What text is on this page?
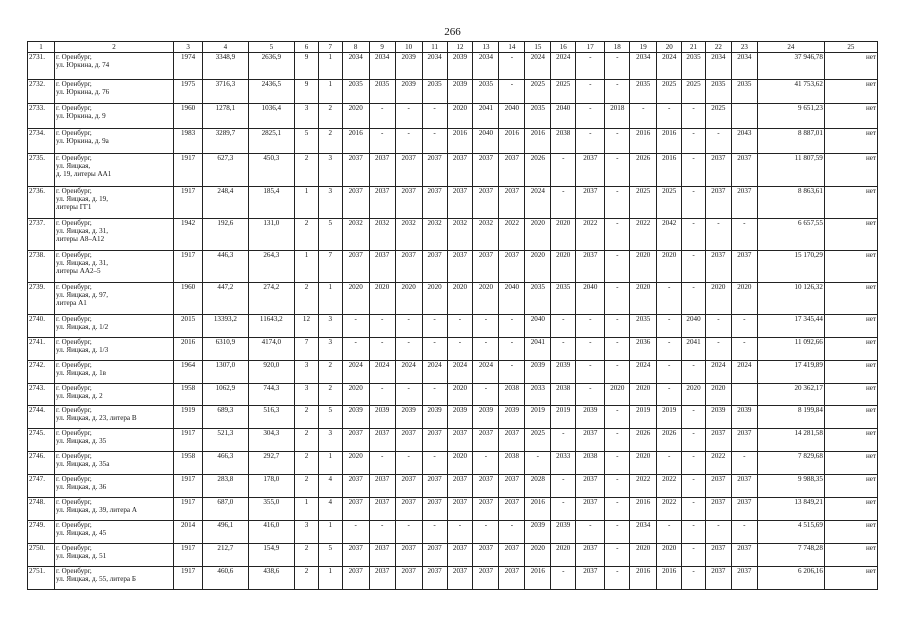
266
1	2	3	4	5	6	7	8	9	10	11	12	13	14	15	16	17	18	19	20	21	22	23	24	25
2731.	г. Оренбург,
ул. Юркина, д. 74	1974	3348,9	2636,9	9	1	2034	2034	2039	2034	2039	2034	-	2024	2024	-	-	2034	2024	2035	2034	2034	37 946,78	нет
2732.	г. Оренбург,
ул. Юркина, д. 76	1975	3716,3	2436,5	9	1	2035	2035	2039	2035	2039	2035	-	2025	2025	-	-	2035	2025	2025	2035	2035	41 753,62	нет
2733.	г. Оренбург,
ул. Юркина, д. 9	1960	1278,1	1036,4	3	2	2020	-	-	-	2020	2041	2040	2035	2040	-	2018	-	-	-	2025		9 651,23	нет
2734.	г. Оренбург,
ул. Юркина, д. 9а	1983	3289,7	2825,1	5	2	2016	-	-	-	2016	2040	2016	2016	2038	-	-	2016	2016	-	-	2043	8 887,01	нет
2735.	г. Оренбург,
ул. Яицкая,
д. 19, литеры АА1	1917	627,3	450,3	2	3	2037	2037	2037	2037	2037	2037	2037	2026	-	2037	-	2026	2016	-	2037	2037	11 807,59	нет
2736.	г. Оренбург,
ул. Яицкая, д. 19,
литеры ГГ1	1917	248,4	185,4	1	3	2037	2037	2037	2037	2037	2037	2037	2024	-	2037	-	2025	2025	-	2037	2037	8 863,61	нет
2737.	г. Оренбург,
ул. Яицкая, д. 31,
литеры А8–А12	1942	192,6	131,0	2	5	2032	2032	2032	2032	2032	2032	2022	2020	2020	2022	-	2022	2042	-	-	-	6 657,55	нет
2738.	г. Оренбург,
ул. Яицкая, д. 31,
литеры АА2–5	1917	446,3	264,3	1	7	2037	2037	2037	2037	2037	2037	2037	2020	2020	2037	-	2020	2020	-	2037	2037	15 170,29	нет
2739.	г. Оренбург,
ул. Яицкая, д. 97,
литера А1	1960	447,2	274,2	2	1	2020	2020	2020	2020	2020	2020	2040	2035	2035	2040	-	2020	-	-	2020	2020	10 126,32	нет
2740.	г. Оренбург,
ул. Яицкая, д. 1/2	2015	13393,2	11643,2	12	3	-	-	-	-	-	-	-	2040	-	-	-	2035	-	2040	-	-	17 345,44	нет
2741.	г. Оренбург,
ул. Яицкая, д. 1/3	2016	6310,9	4174,0	7	3	-	-	-	-	-	-	-	2041	-	-	-	2036	-	2041	-	-	11 092,66	нет
2742.	г. Оренбург,
ул. Яицкая, д. 1в	1964	1307,0	920,0	3	2	2024	2024	2024	2024	2024	2024	-	2039	2039	-	-	2024	-	-	2024	2024	17 419,89	нет
2743.	г. Оренбург,
ул. Яицкая, д. 2	1958	1062,9	744,3	3	2	2020	-	-	-	2020	-	2038	2033	2038	-	2020	2020	-	2020	2020		20 362,17	нет
2744.	г. Оренбург,
ул. Яицкая, д. 23, литера В	1919	689,3	516,3	2	5	2039	2039	2039	2039	2039	2039	2039	2019	2019	2039	-	2019	2019	-	2039	2039	8 199,84	нет
2745.	г. Оренбург,
ул. Яицкая, д. 35	1917	521,3	304,3	2	3	2037	2037	2037	2037	2037	2037	2037	2025	-	2037	-	2026	2026	-	2037	2037	14 281,58	нет
2746.	г. Оренбург,
ул. Яицкая, д. 35а	1958	466,3	292,7	2	1	2020	-	-	-	2020	-	2038	-	2033	2038	-	2020	-	-	2022	-	7 829,68	нет
2747.	г. Оренбург,
ул. Яицкая, д. 36	1917	283,8	178,0	2	4	2037	2037	2037	2037	2037	2037	2037	2028	-	2037	-	2022	2022	-	2037	2037	9 988,35	нет
2748.	г. Оренбург,
ул. Яицкая, д. 39, литера А	1917	687,0	355,0	1	4	2037	2037	2037	2037	2037	2037	2037	2016	-	2037	-	2016	2022	-	2037	2037	13 849,21	нет
2749.	г. Оренбург,
ул. Яицкая, д. 45	2014	496,1	416,0	3	1	-	-	-	-	-	-	-	2039	2039	-	-	2034	-	-	-	-	4 515,69	нет
2750.	г. Оренбург,
ул. Яицкая, д. 51	1917	212,7	154,9	2	5	2037	2037	2037	2037	2037	2037	2037	2020	2020	2037	-	2020	2020	-	2037	2037	7 748,28	нет
2751.	г. Оренбург,
ул. Яицкая, д. 55, литера Б	1917	460,6	438,6	2	1	2037	2037	2037	2037	2037	2037	2037	2016	-	2037	-	2016	2016	-	2037	2037	6 206,16	нет
